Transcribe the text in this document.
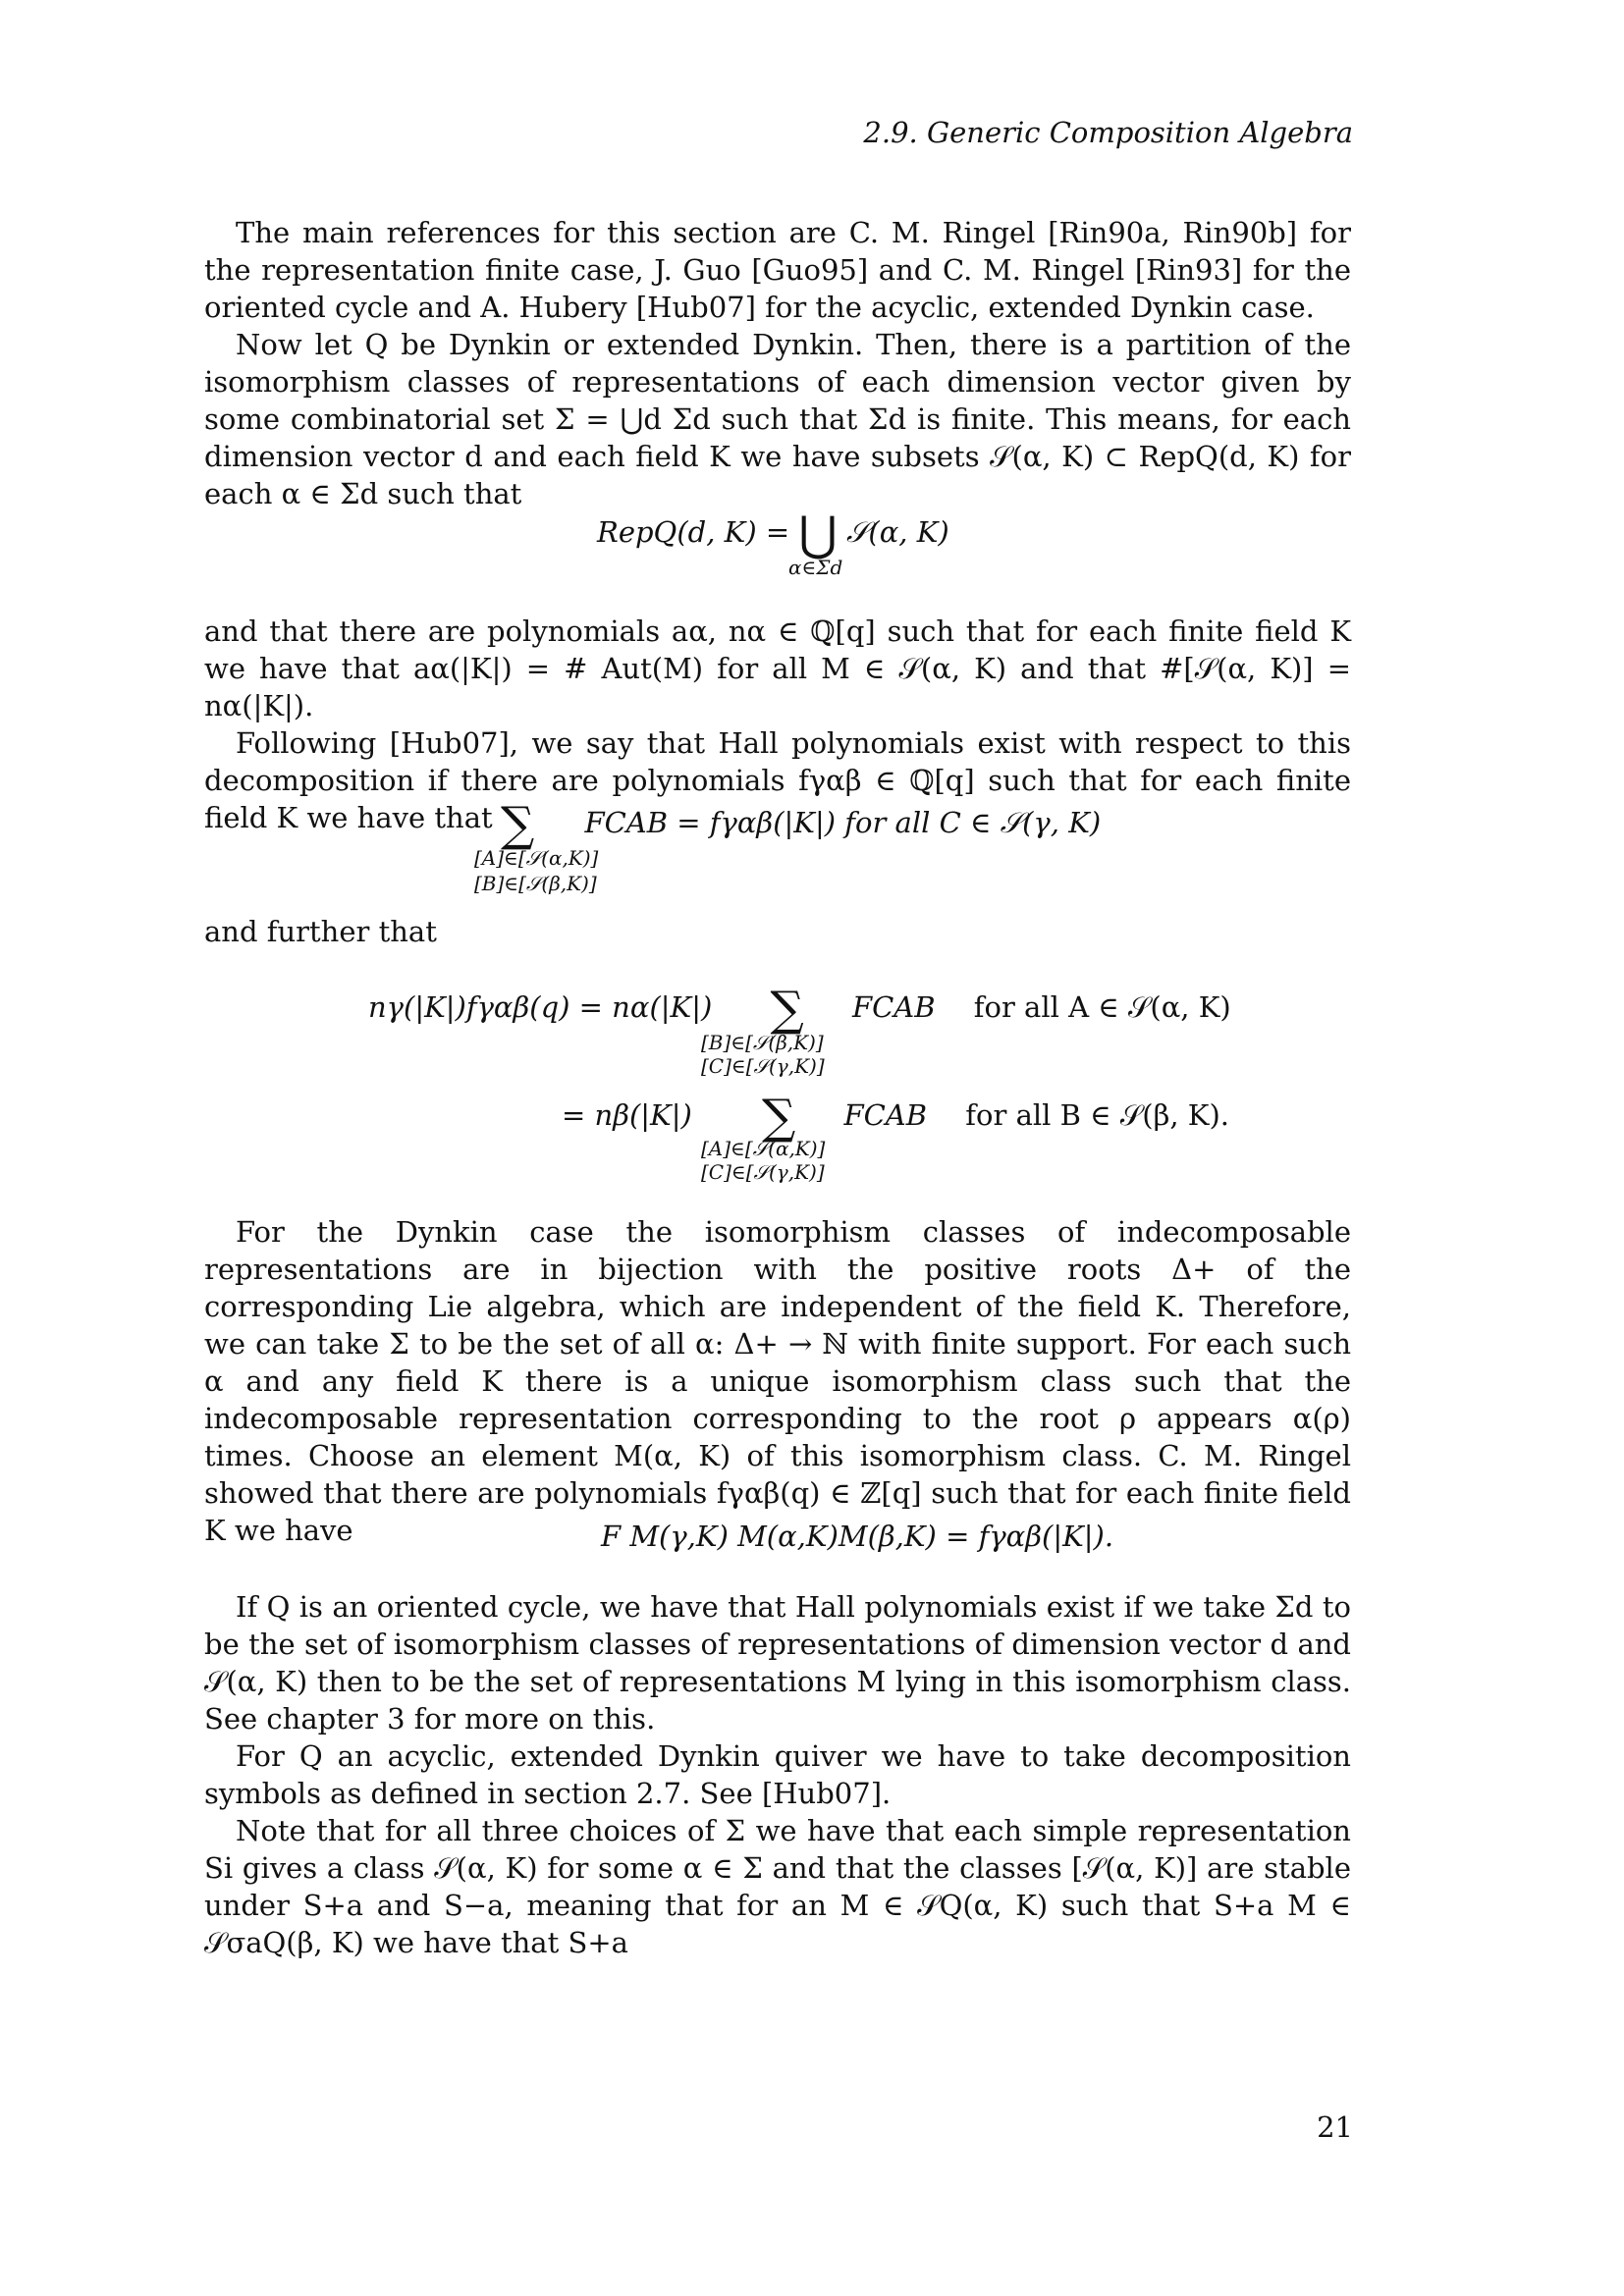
2.9. Generic Composition Algebra

The main references for this section are C. M. Ringel [Rin90a, Rin90b] for the representation finite case, J. Guo [Guo95] and C. M. Ringel [Rin93] for the oriented cycle and A. Hubery [Hub07] for the acyclic, extended Dynkin case.

Now let Q be Dynkin or extended Dynkin. Then, there is a partition of the isomorphism classes of representations of each dimension vector given by some combinatorial set Σ = ⋃d Σd such that Σd is finite. This means, for each dimension vector d and each field K we have subsets 𝒮(α, K) ⊂ RepQ(d, K) for each α ∈ Σd such that

RepQ(d, K) = ⋃ 𝒮(α, K)
α∈Σd

and that there are polynomials aα, nα ∈ ℚ[q] such that for each finite field K we have that aα(|K|) = # Aut(M) for all M ∈ 𝒮(α, K) and that #[𝒮(α, K)] = nα(|K|).

Following [Hub07], we say that Hall polynomials exist with respect to this decomposition if there are polynomials fγαβ ∈ ℚ[q] such that for each finite field K we have that ∑ FCAB = fγαβ(|K|) for all C ∈ 𝒮(γ, K)
[A]∈[𝒮(α,K)]
[B]∈[𝒮(β,K)]

and further that

nγ(|K|)fγαβ(q) = nα(|K|) ∑ FCAB for all A ∈ 𝒮(α, K)
[B]∈[𝒮(β,K)]
[C]∈[𝒮(γ,K)]
= nβ(|K|) ∑ FCAB for all B ∈ 𝒮(β, K).
[A]∈[𝒮(α,K)]
[C]∈[𝒮(γ,K)]

For the Dynkin case the isomorphism classes of indecomposable representations are in bijection with the positive roots Δ+ of the corresponding Lie algebra, which are independent of the field K. Therefore, we can take Σ to be the set of all α: Δ+ → ℕ with finite support. For each such α and any field K there is a unique isomorphism class such that the indecomposable representation corresponding to the root ρ appears α(ρ) times. Choose an element M(α, K) of this isomorphism class. C. M. Ringel showed that there are polynomials fγαβ(q) ∈ ℤ[q] such that for each finite field K we have	F M(γ,K) M(α,K)M(β,K) = fγαβ(|K|).

If Q is an oriented cycle, we have that Hall polynomials exist if we take Σd to be the set of isomorphism classes of representations of dimension vector d and 𝒮(α, K) then to be the set of representations M lying in this isomorphism class. See chapter 3 for more on this.

For Q an acyclic, extended Dynkin quiver we have to take decomposition symbols as defined in section 2.7. See [Hub07].

Note that for all three choices of Σ we have that each simple representation Si gives a class 𝒮(α, K) for some α ∈ Σ and that the classes [𝒮(α, K)] are stable under S+a and S−a, meaning that for an M ∈ 𝒮Q(α, K) such that S+a M ∈ 𝒮σaQ(β, K) we have that S+a

21
